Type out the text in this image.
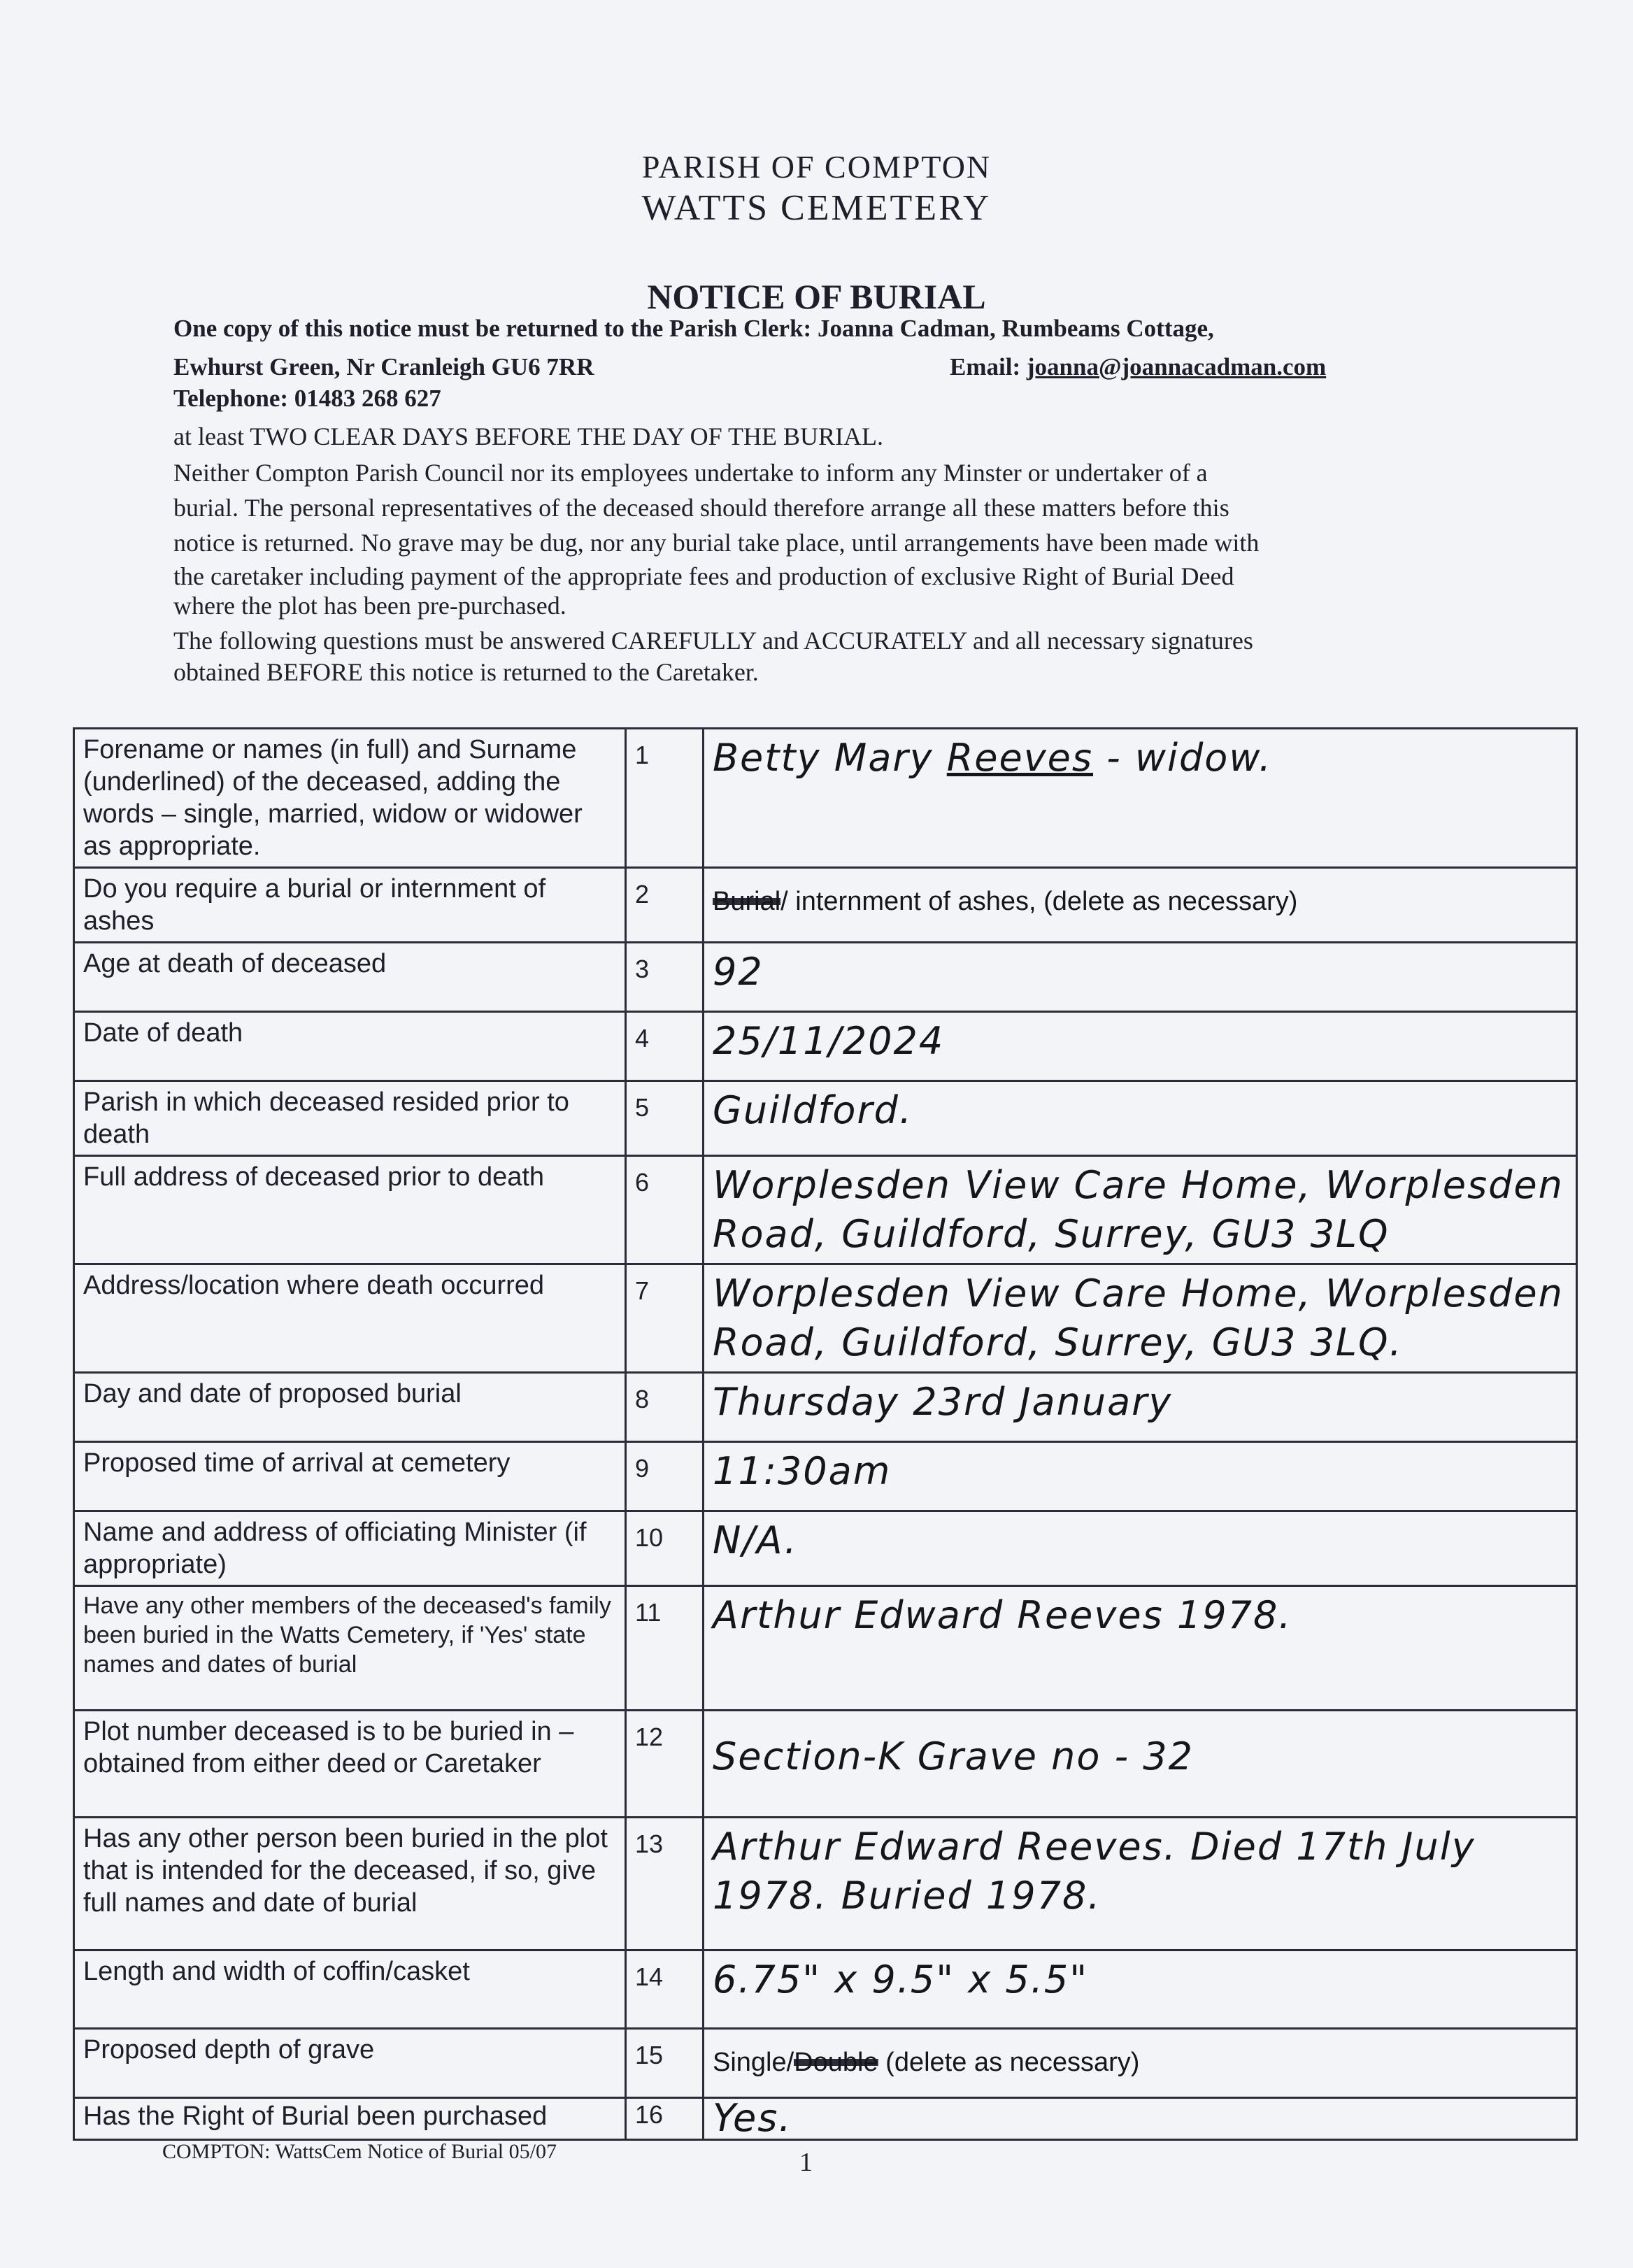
PARISH OF COMPTON
WATTS CEMETERY
NOTICE OF BURIAL
One copy of this notice must be returned to the Parish Clerk: Joanna Cadman, Rumbeams Cottage,
Ewhurst Green, Nr Cranleigh GU6 7RR	Email: joanna@joannacadman.com
Telephone: 01483 268 627
at least TWO CLEAR DAYS BEFORE THE DAY OF THE BURIAL.
Neither Compton Parish Council nor its employees undertake to inform any Minster or undertaker of a
burial. The personal representatives of the deceased should therefore arrange all these matters before this
notice is returned. No grave may be dug, nor any burial take place, until arrangements have been made with
the caretaker including payment of the appropriate fees and production of exclusive Right of Burial Deed
where the plot has been pre-purchased.
The following questions must be answered CAREFULLY and ACCURATELY and all necessary signatures
obtained BEFORE this notice is returned to the Caretaker.
Forename or names (in full) and Surname (underlined) of the deceased, adding the words – single, married, widow or widower as appropriate.	1	Betty Mary Reeves - widow.
Do you require a burial or internment of ashes	2	Burial/ internment of ashes, (delete as necessary)
Age at death of deceased	3	92
Date of death	4	25/11/2024
Parish in which deceased resided prior to death	5	Guildford.
Full address of deceased prior to death	6	Worplesden View Care Home, Worplesden Road, Guildford, Surrey, GU3 3LQ
Address/location where death occurred	7	Worplesden View Care Home, Worplesden Road, Guildford, Surrey, GU3 3LQ.
Day and date of proposed burial	8	Thursday 23rd January
Proposed time of arrival at cemetery	9	11:30am
Name and address of officiating Minister (if appropriate)	10	N/A.
Have any other members of the deceased's family been buried in the Watts Cemetery, if 'Yes' state names and dates of burial	11	Arthur Edward Reeves 1978.
Plot number deceased is to be buried in – obtained from either deed or Caretaker	12	Section-K Grave no - 32
Has any other person been buried in the plot that is intended for the deceased, if so, give full names and date of burial	13	Arthur Edward Reeves. Died 17th July 1978. Buried 1978.
Length and width of coffin/casket	14	6.75" x 9.5" x 5.5"
Proposed depth of grave	15	Single/Double (delete as necessary)
Has the Right of Burial been purchased	16	Yes.
COMPTON: WattsCem Notice of Burial 05/07	1
